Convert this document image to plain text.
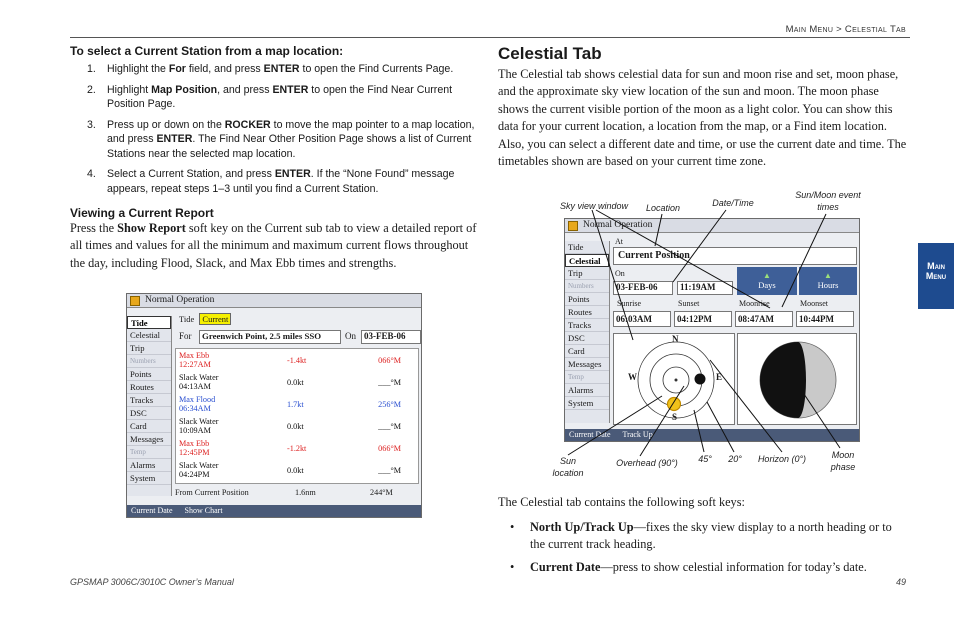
Main Menu > Celestial Tab
Main
Menu
To select a Current Station from a map location:
1. Highlight the For field, and press ENTER to open the Find Currents Page.
2. Highlight Map Position, and press ENTER to open the Find Near Current Position Page.
3. Press up or down on the ROCKER to move the map pointer to a map location, and press ENTER. The Find Near Other Position Page shows a list of Current Stations near the selected map location.
4. Select a Current Station, and press ENTER. If the “None Found” message appears, repeat steps 1–3 until you find a Current Station.
Viewing a Current Report
Press the Show Report soft key on the Current sub tab to view a detailed report of all times and values for all the minimum and maximum current flows throughout the day, including Flood, Slack, and Max Ebb times and strengths.
Normal Operation
Tide
Celestial
Trip
Numbers
Points
Routes
Tracks
DSC
Card
Messages
Temp
Alarms
System
Tide Current
For	Greenwich Point, 2.5 miles SSO	On 03-FEB-06
From Current Position	1.6nm	244°M
Current Date Show Chart
Max Ebb
12:27AM	-1.4kt	066°M
Slack Water
04:13AM	0.0kt	___°M
Max Flood
06:34AM	1.7kt	256°M
Slack Water
10:09AM	0.0kt	___°M
Max Ebb
12:45PM	-1.2kt	066°M
Slack Water
04:24PM	0.0kt	___°M
Celestial Tab
The Celestial tab shows celestial data for sun and moon rise and set, moon phase, and the approximate sky view location of the sun and moon. The moon phase shows the current visible portion of the moon as a light color. You can show this data for your current location, a location from the map, or a Find item location. Also, you can select a different date and time, or use the current date and time. The timetables shown are based on your current time zone.
Sky view window	Location	Date/Time
Sun/Moon event times
Sun location
Overhead (90°)	45°	20°	Horizon (0°)	Moon phase
Normal Operation
Tide
Celestial
Trip
Numbers
Points
Routes
Tracks
DSC
Card
Messages
Temp
Alarms
System
At
Current Position
On
03-FEB-06	11:19AM
▲
Days
▲
Hours
N
E
S
W
Current Date Track Up
Sunrise
06:03AM
Sunset
04:12PM
Moonrise
08:47AM
Moonset
10:44PM
The Celestial tab contains the following soft keys:
• North Up/Track Up—fixes the sky view display to a north heading or to the current track heading.
• Current Date—press to show celestial information for today’s date.
GPSMAP 3006C/3010C Owner’s Manual	49
